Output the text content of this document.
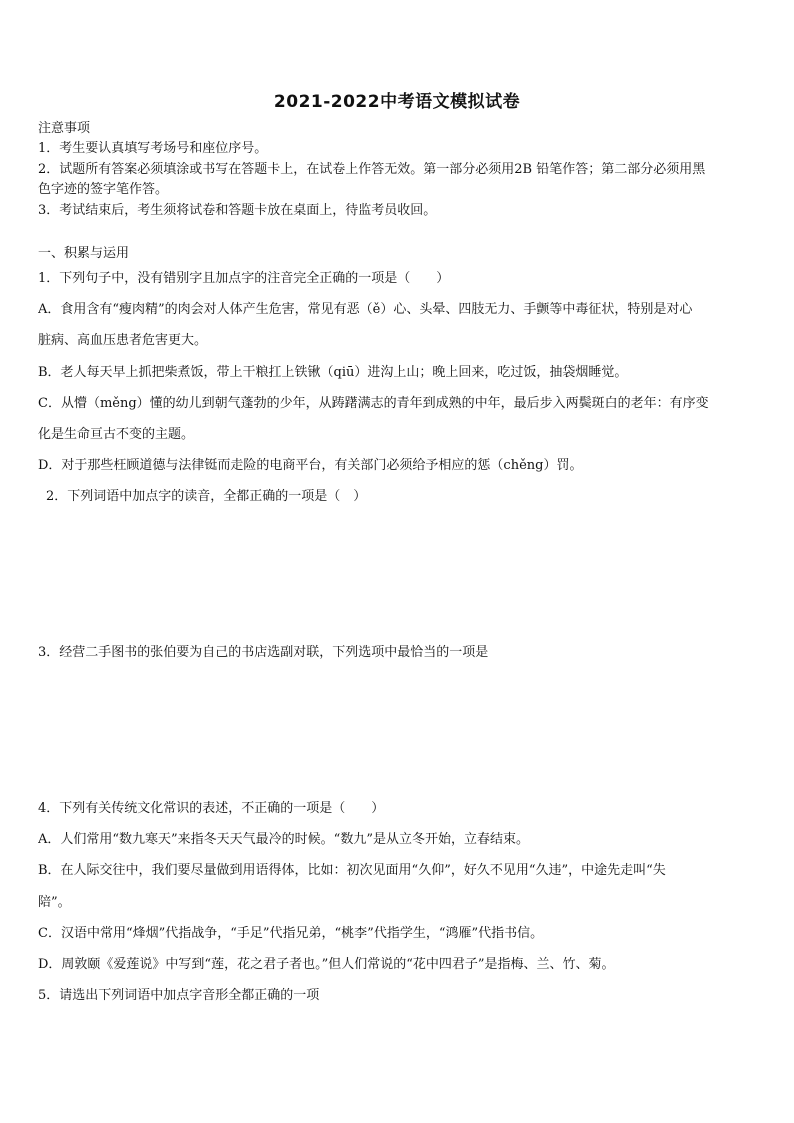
2021-2022中考语文模拟试卷
注意事项
1．考生要认真填写考场号和座位序号。
2．试题所有答案必须填涂或书写在答题卡上，在试卷上作答无效。第一部分必须用2B 铅笔作答；第二部分必须用黑
色字迹的签字笔作答。
3．考试结束后，考生须将试卷和答题卡放在桌面上，待监考员收回。
一、积累与运用
1．下列句子中，没有错别字且加点字的注音完全正确的一项是（　　）
A．食用含有“瘦肉精”的肉会对人体产生危害，常见有恶（ě）心、头晕、四肢无力、手颤等中毒征状，特别是对心
脏病、高血压患者危害更大。
B．老人每天早上抓把柴煮饭，带上干粮扛上铁锹（qiū）进沟上山；晚上回来，吃过饭，抽袋烟睡觉。
C．从懵（měng）懂的幼儿到朝气蓬勃的少年，从踌躇满志的青年到成熟的中年，最后步入两鬓斑白的老年：有序变
化是生命亘古不变的主题。
D．对于那些枉顾道德与法律铤而走险的电商平台，有关部门必须给予相应的惩（chěng）罚。
2．下列词语中加点字的读音，全都正确的一项是（　）
3．经营二手图书的张伯要为自己的书店选副对联，下列选项中最恰当的一项是
4．下列有关传统文化常识的表述，不正确的一项是（　　）
A．人们常用“数九寒天”来指冬天天气最冷的时候。“数九”是从立冬开始，立春结束。
B．在人际交往中，我们要尽量做到用语得体，比如：初次见面用“久仰”，好久不见用“久违”，中途先走叫“失
陪”。
C．汉语中常用“烽烟”代指战争，“手足”代指兄弟，“桃李”代指学生，“鸿雁”代指书信。
D．周敦颐《爱莲说》中写到“莲，花之君子者也。”但人们常说的“花中四君子”是指梅、兰、竹、菊。
5．请选出下列词语中加点字音形全都正确的一项
